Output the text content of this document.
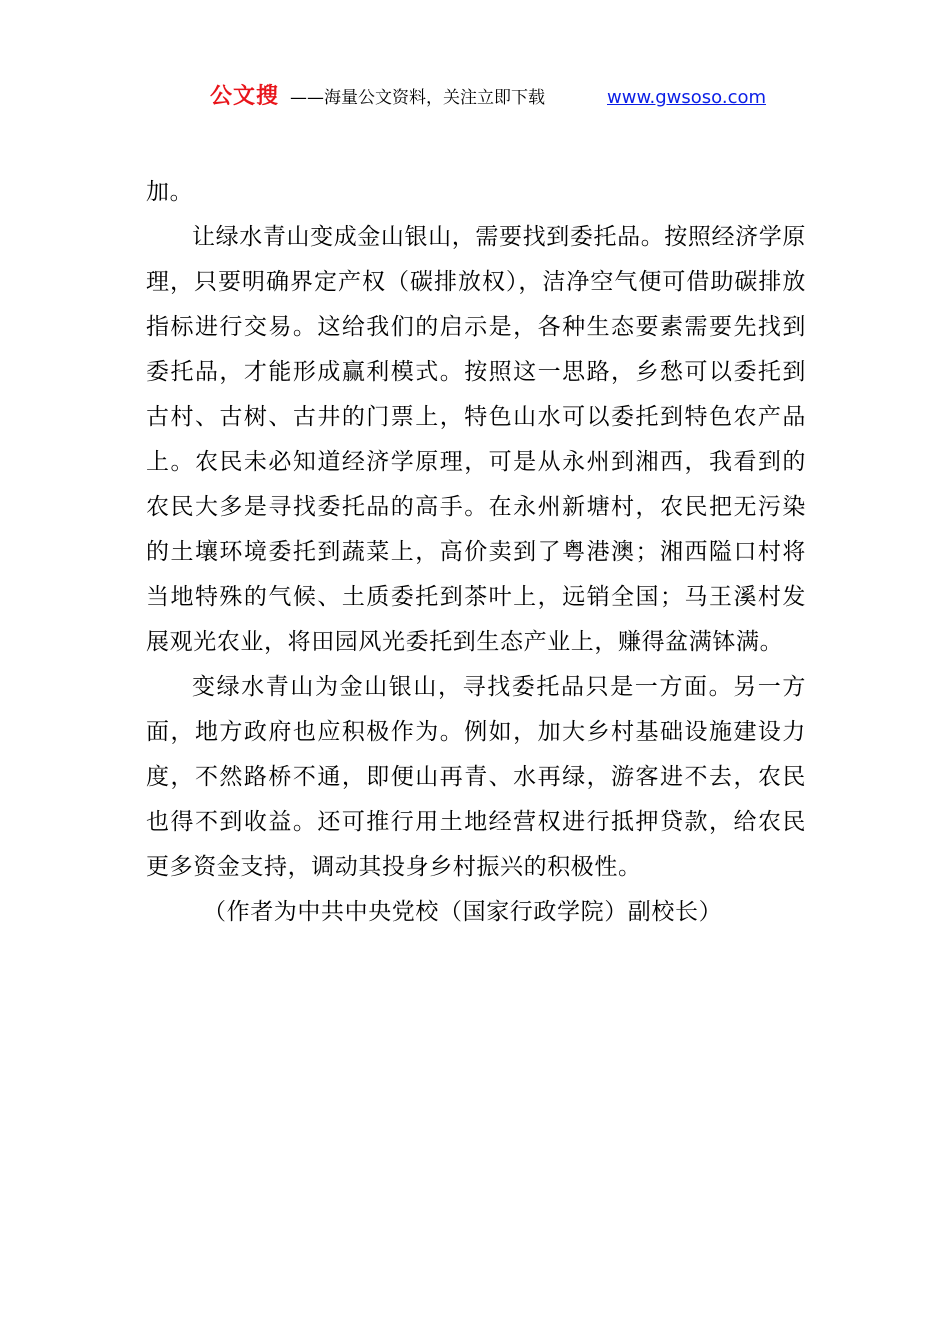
公文搜 ——海量公文资料，关注立即下载	www.gwsoso.com

加。

让绿水青山变成金山银山，需要找到委托品。按照经济学原理，只要明确界定产权（碳排放权），洁净空气便可借助碳排放指标进行交易。这给我们的启示是，各种生态要素需要先找到委托品，才能形成赢利模式。按照这一思路，乡愁可以委托到古村、古树、古井的门票上，特色山水可以委托到特色农产品上。农民未必知道经济学原理，可是从永州到湘西，我看到的农民大多是寻找委托品的高手。在永州新塘村，农民把无污染的土壤环境委托到蔬菜上，高价卖到了粤港澳；湘西隘口村将当地特殊的气候、土质委托到茶叶上，远销全国；马王溪村发展观光农业，将田园风光委托到生态产业上，赚得盆满钵满。

变绿水青山为金山银山，寻找委托品只是一方面。另一方面，地方政府也应积极作为。例如，加大乡村基础设施建设力度，不然路桥不通，即便山再青、水再绿，游客进不去，农民也得不到收益。还可推行用土地经营权进行抵押贷款，给农民更多资金支持，调动其投身乡村振兴的积极性。

（作者为中共中央党校（国家行政学院）副校长）
